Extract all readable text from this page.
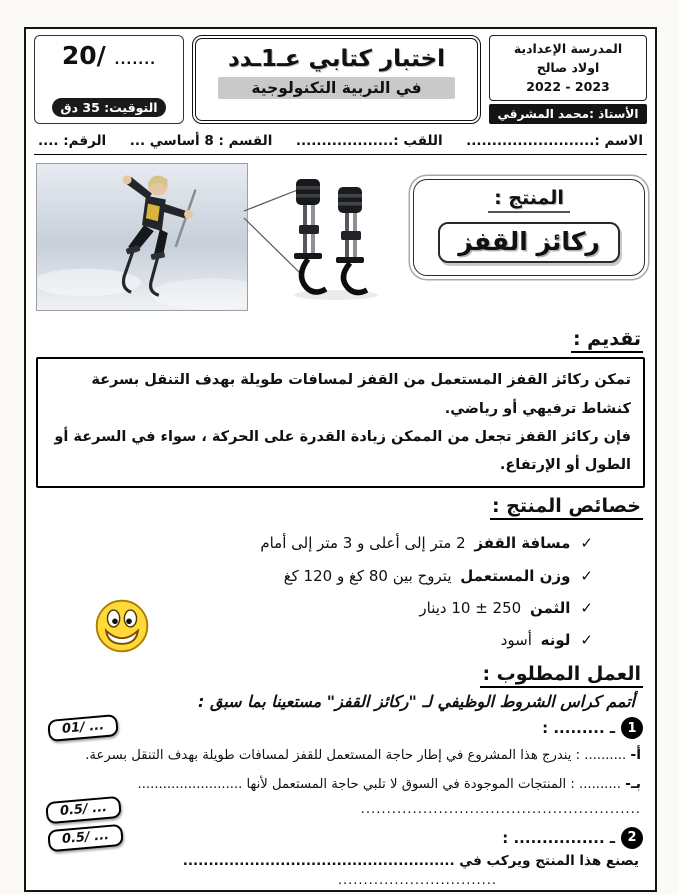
المدرسة الإعدادية
اولاد صالح
2022 - 2023
الأستاذ :محمد المشرقي
اختبار كتابي عـ1ـدد
في التربية التكنولوجية
20/ .......
التوقيت: 35 دق
الاسم :.........................
اللقب :...................
القسم : 8 أساسي ...
الرقم: ....
المنتج :
ركائز القفز
تقديم :
تمكن ركائز القفز المستعمل من القفز لمسافات طويلة بهدف التنقل بسرعة كنشاط ترفيهي أو رياضي.
فإن ركائز القفز تجعل من الممكن زيادة القدرة على الحركة ، سواء في السرعة أو الطول أو الإرتفاع.
خصائص المنتج :
✓مسافة القفز 2 متر إلى أعلى و 3 متر إلى أمام
✓وزن المستعمل يتروح بين 80 كغ و 120 كغ
✓الثمن 250 ± 10 دينار
✓لونه أسود
العمل المطلوب :
أتمم كراس الشروط الوظيفي لـ "ركائز القفز" مستعينا بما سبق :
1
ـ ......... :
01/ ...
أ- .......... : يندرج هذا المشروع في إطار حاجة المستعمل للقفز لمسافات طويلة بهدف التنقل بسرعة.
بـ- .......... : المنتجات الموجودة في السوق لا تلبي حاجة المستعمل لأنها .........................
......................................................
0.5/ ...
2
ـ ................ :
0.5/ ...
يصنع هذا المنتج ويركب في .....................................................
...............................
